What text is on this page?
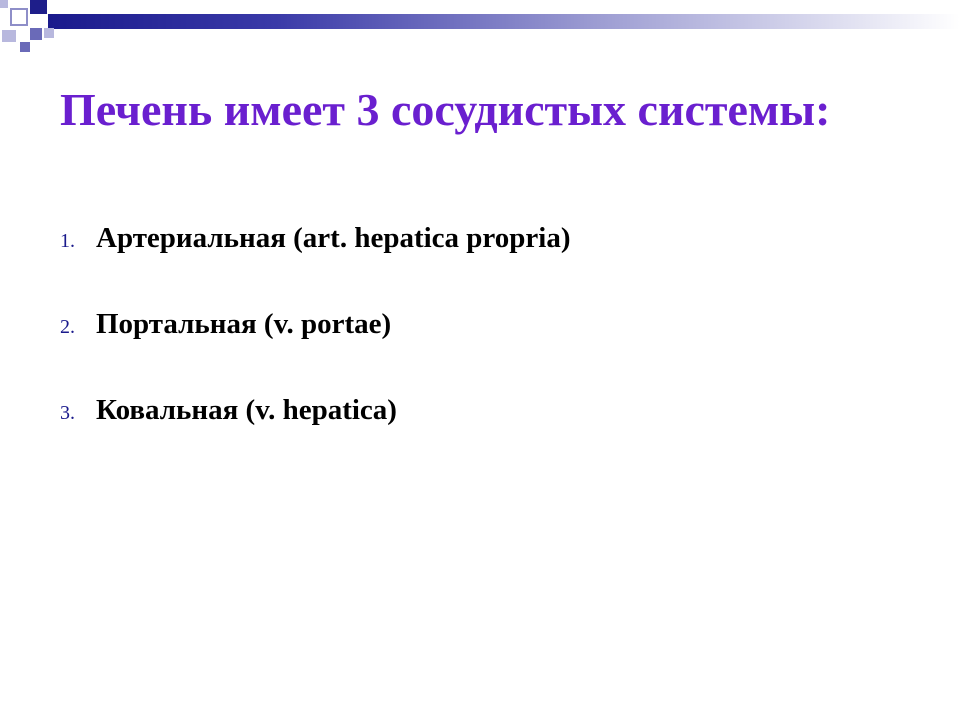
Печень имеет 3 сосудистых системы:
1. Артериальная (art. hepatica propria)
2. Портальная (v. portae)
3. Ковальная (v. hepatica)
